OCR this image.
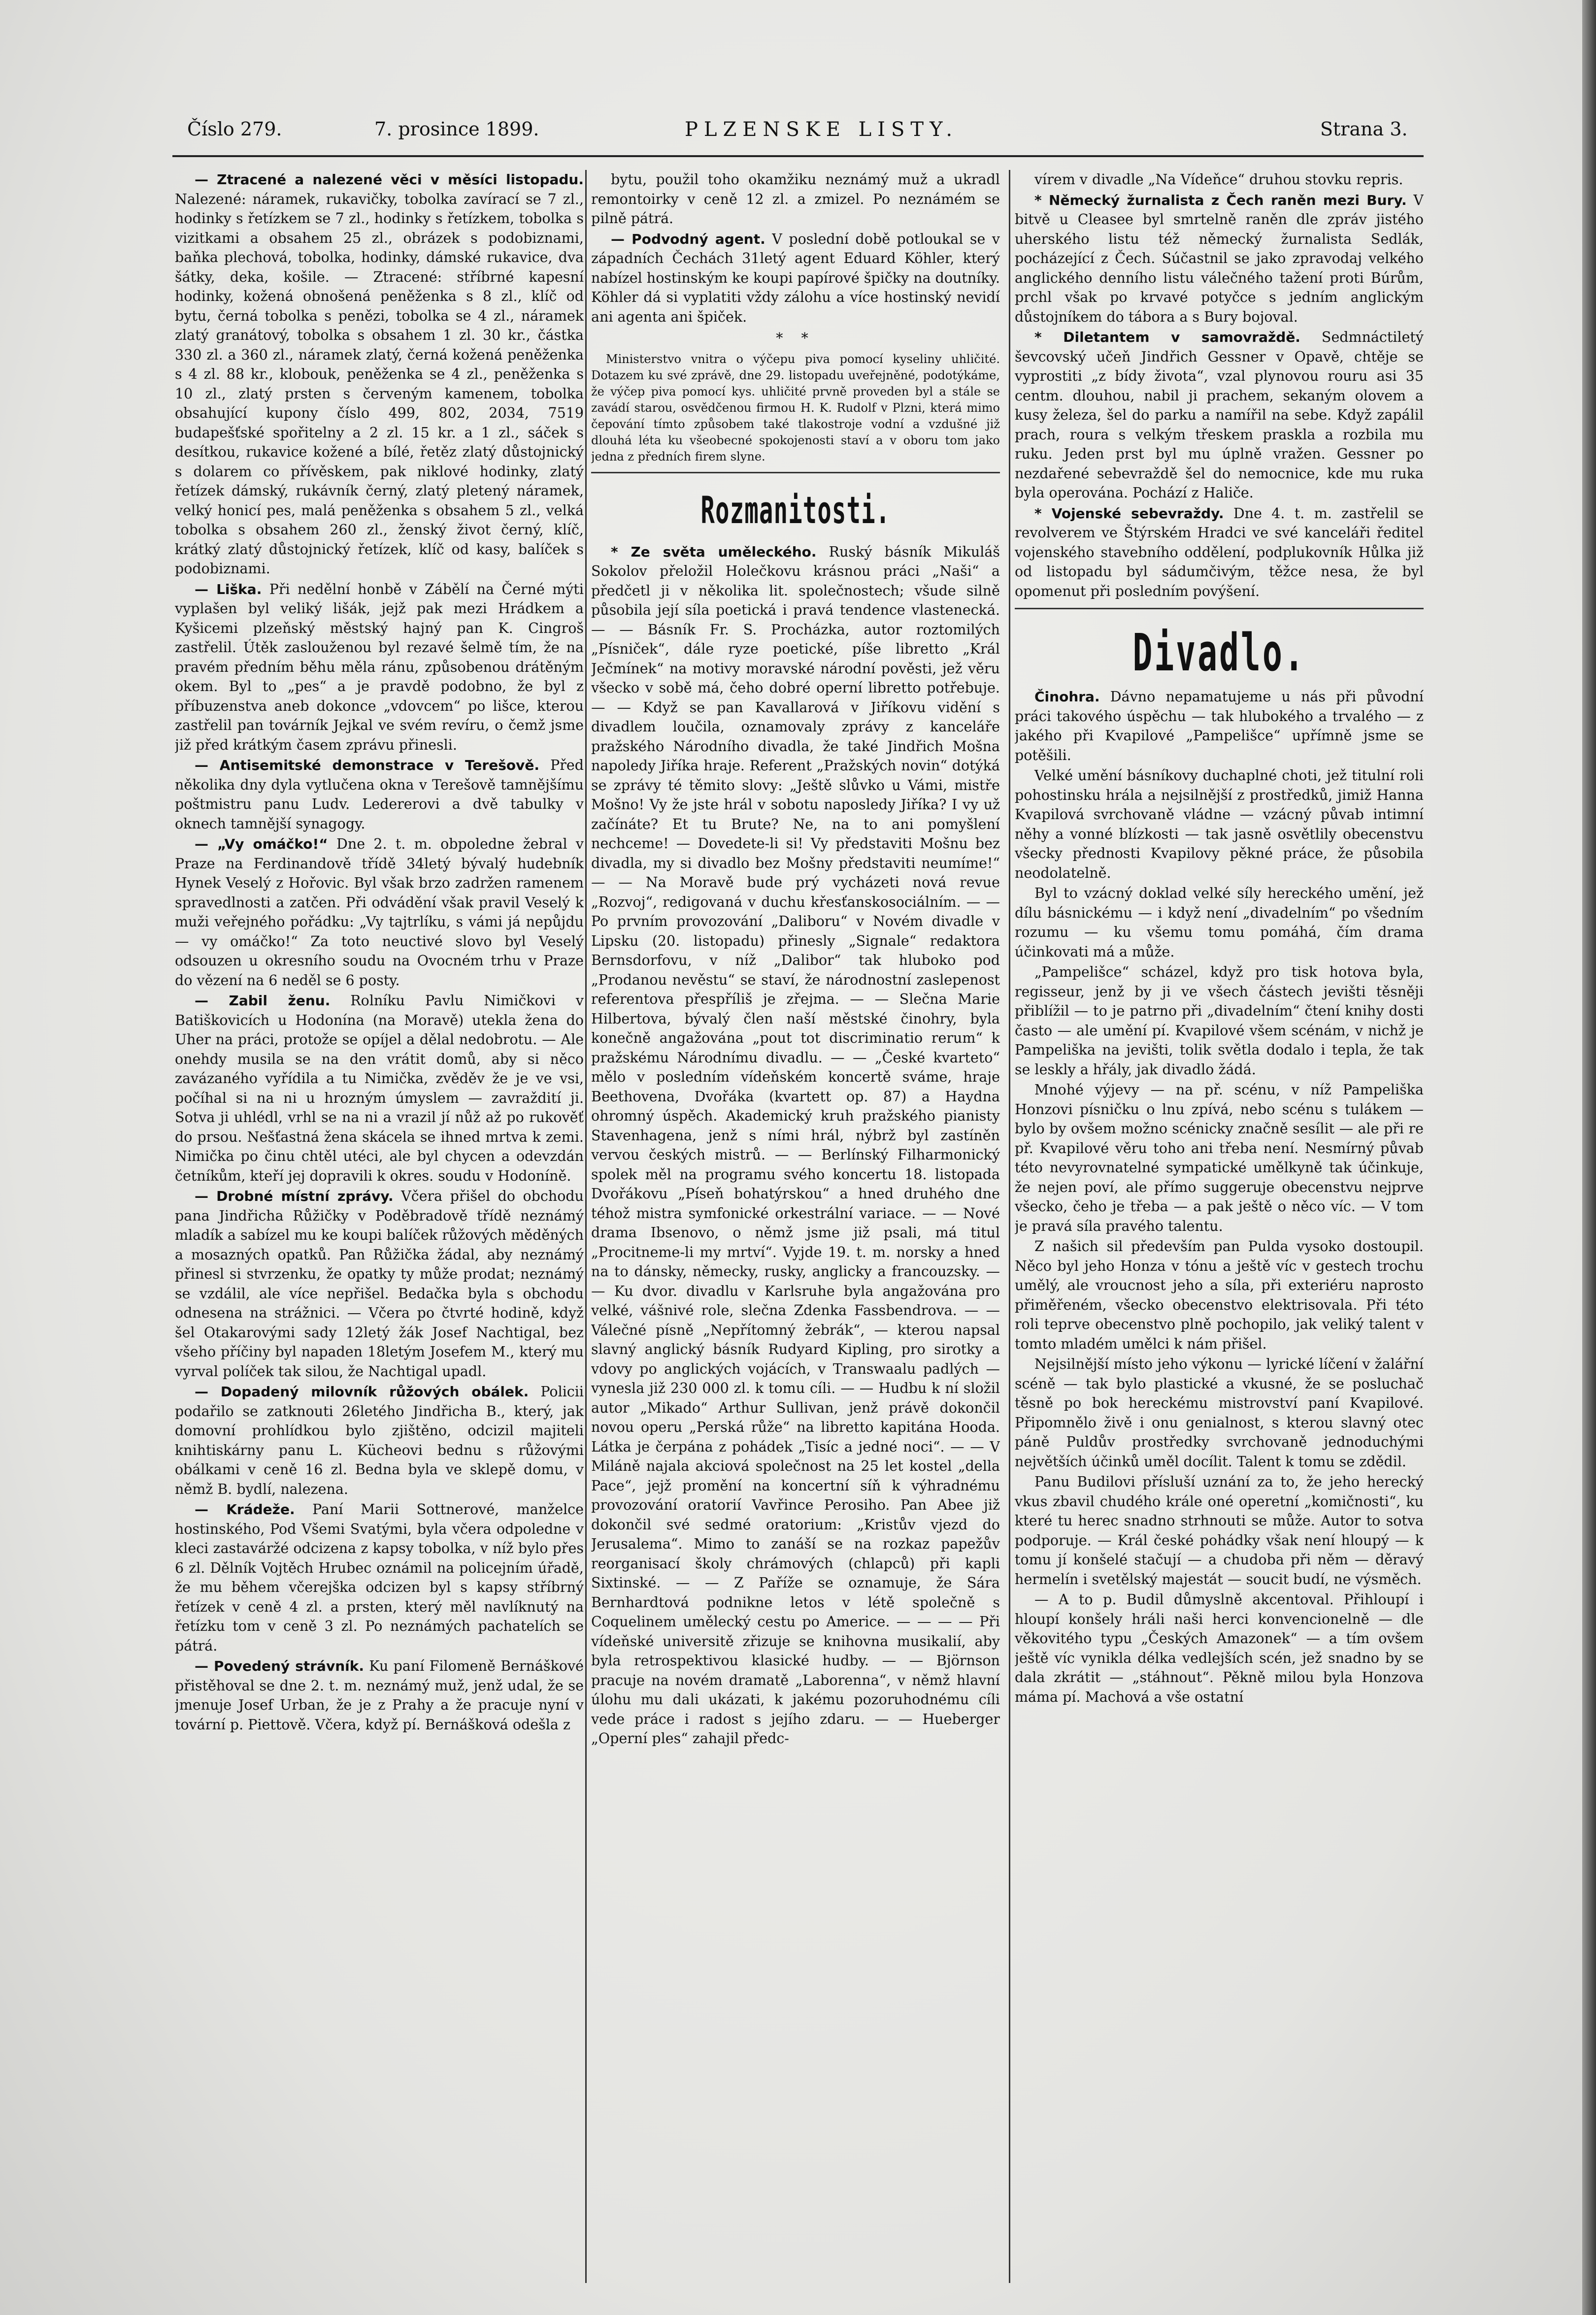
Číslo 279.	7. prosince 1899.	PLZENSKE LISTY.	Strana 3.

— Ztracené a nalezené věci v měsíci listopadu. Nalezené: náramek, rukavičky, tobolka zavírací se 7 zl., hodinky s řetízkem se 7 zl., hodinky s řetízkem, tobolka s vizitkami a obsahem 25 zl., obrázek s podobiznami, baňka plechová, tobolka, hodinky, dámské rukavice, dva šátky, deka, košile. — Ztracené: stříbrné kapesní hodinky, kožená obnošená peněženka s 8 zl., klíč od bytu, černá tobolka s penězi, tobolka se 4 zl., náramek zlatý granátový, tobolka s obsahem 1 zl. 30 kr., částka 330 zl. a 360 zl., náramek zlatý, černá kožená peněženka s 4 zl. 88 kr., klobouk, peněženka se 4 zl., peněženka s 10 zl., zlatý prsten s červeným kamenem, tobolka obsahující kupony číslo 499, 802, 2034, 7519 budapešťské spořitelny a 2 zl. 15 kr. a 1 zl., sáček s desítkou, rukavice kožené a bílé, řetěz zlatý důstojnický s dolarem co přívěskem, pak niklové hodinky, zlatý řetízek dámský, rukávník černý, zlatý pletený náramek, velký honicí pes, malá peněženka s obsahem 5 zl., velká tobolka s obsahem 260 zl., ženský život černý, klíč, krátký zlatý důstojnický řetízek, klíč od kasy, balíček s podobiznami.

— Liška. Při nedělní honbě v Zábělí na Černé mýti vyplašen byl veliký lišák, jejž pak mezi Hrádkem a Kyšicemi plzeňský městský hajný pan K. Cingroš zastřelil. Útěk zaslouženou byl rezavé šelmě tím, že na pravém předním běhu měla ránu, způsobenou drátěným okem. Byl to „pes“ a je pravdě podobno, že byl z příbuzenstva aneb dokonce „vdovcem“ po lišce, kterou zastřelil pan továrník Jejkal ve svém revíru, o čemž jsme již před krátkým časem zprávu přinesli.

— Antisemitské demonstrace v Terešově. Před několika dny dyla vytlučena okna v Terešově tamnějšímu poštmistru panu Ludv. Ledererovi a dvě tabulky v oknech tamnější synagogy.

— „Vy omáčko!“ Dne 2. t. m. obpoledne žebral v Praze na Ferdinandově třídě 34letý bývalý hudebník Hynek Veselý z Hořovic. Byl však brzo zadržen ramenem spravedlnosti a zatčen. Při odvádění však pravil Veselý k muži veřejného pořádku: „Vy tajtrlíku, s vámi já nepůjdu — vy omáčko!“ Za toto neuctivé slovo byl Veselý odsouzen u okresního soudu na Ovocném trhu v Praze do vězení na 6 neděl se 6 posty.

— Zabil ženu. Rolníku Pavlu Nimičkovi v Batiškovicích u Hodonína (na Moravě) utekla žena do Uher na práci, protože se opíjel a dělal nedobrotu. — Ale onehdy musila se na den vrátit domů, aby si něco zavázaného vyřídila a tu Nimička, zvěděv že je ve vsi, počíhal si na ni u hrozným úmyslem — zavraždití ji. Sotva ji uhlédl, vrhl se na ni a vrazil jí nůž až po rukověť do prsou. Nešťastná žena skácela se ihned mrtva k zemi. Nimička po činu chtěl utéci, ale byl chycen a odevzdán četníkům, kteří jej dopravili k okres. soudu v Hodoníně.

— Drobné místní zprávy. Včera přišel do obchodu pana Jindřicha Růžičky v Poděbradově třídě neznámý mladík a sabízel mu ke koupi balíček růžových měděných a mosazných opatků. Pan Růžička žádal, aby neznámý přinesl si stvrzenku, že opatky ty může prodat; neznámý se vzdálil, ale více nepřišel. Bedačka byla s obchodu odnesena na strážnici. — Včera po čtvrté hodině, když šel Otakarovými sady 12letý žák Josef Nachtigal, bez všeho příčiny byl napaden 18letým Josefem M., který mu vyrval políček tak silou, že Nachtigal upadl.

— Dopadený milovník růžových obálek. Policii podařilo se zatknouti 26letého Jindřicha B., který, jak domovní prohlídkou bylo zjištěno, odcizil majiteli knihtiskárny panu L. Kücheovi bednu s růžovými obálkami v ceně 16 zl. Bedna byla ve sklepě domu, v němž B. bydlí, nalezena.

— Krádeže. Paní Marii Sottnerové, manželce hostinského, Pod Všemi Svatými, byla včera odpoledne v kleci zastaváržé odcizena z kapsy tobolka, v níž bylo přes 6 zl. Dělník Vojtěch Hrubec oznámil na policejním úřadě, že mu během včerejška odcizen byl s kapsy stříbrný řetízek v ceně 4 zl. a prsten, který měl navlíknutý na řetízku tom v ceně 3 zl. Po neznámých pachatelích se pátrá.

— Povedený strávník. Ku paní Filomeně Bernáškové přistěhoval se dne 2. t. m. neznámý muž, jenž udal, že se jmenuje Josef Urban, že je z Prahy a že pracuje nyní v tovární p. Piettově. Včera, když pí. Bernášková odešla z

bytu, použil toho okamžiku neznámý muž a ukradl remontoirky v ceně 12 zl. a zmizel. Po neznámém se pilně pátrá.

— Podvodný agent. V poslední době potloukal se v západních Čechách 31letý agent Eduard Köhler, který nabízel hostinským ke koupi papírové špičky na doutníky. Köhler dá si vyplatiti vždy zálohu a více hostinský nevidí ani agenta ani špiček.

* *

Ministerstvo vnitra o výčepu piva pomocí kyseliny uhličité. Dotazem ku své zprávě, dne 29. listopadu uveřejněné, podotýkáme, že výčep piva pomocí kys. uhličité prvně proveden byl a stále se zavádí starou, osvědčenou firmou H. K. Rudolf v Plzni, která mimo čepování tímto způsobem také tlakostroje vodní a vzdušné již dlouhá léta ku všeobecné spokojenosti staví a v oboru tom jako jedna z předních firem slyne.

Rozmanitosti.

* Ze světa uměleckého. Ruský básník Mikuláš Sokolov přeložil Holečkovu krásnou práci „Naši“ a předčetl ji v několika lit. společnostech; všude silně působila její síla poetická i pravá tendence vlastenecká. — — Básník Fr. S. Procházka, autor roztomilých „Písniček“, dále ryze poetické, píše libretto „Král Ječmínek“ na motivy moravské národní pověsti, jež věru všecko v sobě má, čeho dobré operní libretto potřebuje. — — Když se pan Kavallarová v Jiříkovu vidění s divadlem loučila, oznamovaly zprávy z kanceláře pražského Národního divadla, že také Jindřich Mošna napoledy Jiříka hraje. Referent „Pražských novin“ dotýká se zprávy té těmito slovy: „Ještě slůvko u Vámi, mistře Mošno! Vy že jste hrál v sobotu naposledy Jiříka? I vy už začínáte? Et tu Brute? Ne, na to ani pomyšlení nechceme! — Dovedete-li si! Vy představiti Mošnu bez divadla, my si divadlo bez Mošny představiti neumíme!“ — — Na Moravě bude prý vycházeti nová revue „Rozvoj“, redigovaná v duchu křesťanskosociálním. — — Po prvním provozování „Daliboru“ v Novém divadle v Lipsku (20. listopadu) přinesly „Signale“ redaktora Bernsdorfovu, v níž „Dalibor“ tak hluboko pod „Prodanou nevěstu“ se staví, že národnostní zaslepenost referentova přespříliš je zřejma. — — Slečna Marie Hilbertova, bývalý člen naší městské činohry, byla konečně angažována „pout tot discriminatio rerum“ k pražskému Národnímu divadlu. — — „České kvarteto“ mělo v posledním vídeňském koncertě sváme, hraje Beethovena, Dvořáka (kvartett op. 87) a Haydna ohromný úspěch. Akademický kruh pražského pianisty Stavenhagena, jenž s ními hrál, nýbrž byl zastíněn vervou českých mistrů. — — Berlínský Filharmonický spolek měl na programu svého koncertu 18. listopada Dvořákovu „Píseň bohatýrskou“ a hned druhého dne téhož mistra symfonické orkestrální variace. — — Nové drama Ibsenovo, o němž jsme již psali, má titul „Procitneme-li my mrtví“. Vyjde 19. t. m. norsky a hned na to dánsky, německy, rusky, anglicky a francouzsky. — — Ku dvor. divadlu v Karlsruhe byla angažována pro velké, vášnivé role, slečna Zdenka Fassbendrova. — — Válečné písně „Nepřítomný žebrák“, — kterou napsal slavný anglický básník Rudyard Kipling, pro sirotky a vdovy po anglických vojácích, v Transwaalu padlých — vynesla již 230 000 zl. k tomu cíli. — — Hudbu k ní složil autor „Mikado“ Arthur Sullivan, jenž právě dokončil novou operu „Perská růže“ na libretto kapitána Hooda. Látka je čerpána z pohádek „Tisíc a jedné noci“. — — V Miláně najala akciová společnost na 25 let kostel „della Pace“, jejž promění na koncertní síň k výhradnému provozování oratorií Vavřince Perosiho. Pan Abee již dokončil své sedmé oratorium: „Kristův vjezd do Jerusalema“. Mimo to zanáší se na rozkaz papežův reorganisací školy chrámových (chlapců) při kapli Sixtinské. — — Z Paříže se oznamuje, že Sára Bernhardtová podnikne letos v létě společně s Coquelinem umělecký cestu po Americe. — — — — Při vídeňské universitě zřizuje se knihovna musikalií, aby byla retrospektivou klasické hudby. — — Björnson pracuje na novém dramatě „Laborenna“, v němž hlavní úlohu mu dali ukázati, k jakému pozoruhodnému cíli vede práce i radost s jejího zdaru. — — Hueberger „Operní ples“ zahajil předc-

vírem v divadle „Na Vídeňce“ druhou stovku repris.

* Německý žurnalista z Čech raněn mezi Bury. V bitvě u Cleasee byl smrtelně raněn dle zpráv jistého uherského listu též německý žurnalista Sedlák, pocházející z Čech. Súčastnil se jako zpravodaj velkého anglického denního listu válečného tažení proti Búrům, prchl však po krvavé potyčce s jedním anglickým důstojníkem do tábora a s Bury bojoval.

* Diletantem v samovraždě. Sedmnáctiletý ševcovský učeň Jindřich Gessner v Opavě, chtěje se vyprostiti „z bídy života“, vzal plynovou rouru asi 35 centm. dlouhou, nabil ji prachem, sekaným olovem a kusy železa, šel do parku a namířil na sebe. Když zapálil prach, roura s velkým třeskem praskla a rozbila mu ruku. Jeden prst byl mu úplně vražen. Gessner po nezdařené sebevraždě šel do nemocnice, kde mu ruka byla operována. Pochází z Haliče.

* Vojenské sebevraždy. Dne 4. t. m. zastřelil se revolverem ve Štýrském Hradci ve své kanceláři ředitel vojenského stavebního oddělení, podplukovník Hůlka již od listopadu byl sádumčivým, těžce nesa, že byl opomenut při posledním povýšení.

Divadlo.

Činohra. Dávno nepamatujeme u nás při původní práci takového úspěchu — tak hlubokého a trvalého — z jakého při Kvapilové „Pampelišce“ upřímně jsme se potěšili.

Velké umění básníkovy duchaplné choti, jež titulní roli pohostinsku hrála a nejsilnější z prostředků, jimiž Hanna Kvapilová svrchovaně vládne — vzácný půvab intimní něhy a vonné blízkosti — tak jasně osvětlily obecenstvu všecky přednosti Kvapilovy pěkné práce, že působila neodolatelně.

Byl to vzácný doklad velké síly hereckého umění, jež dílu básnickému — i když není „divadelním“ po všedním rozumu — ku všemu tomu pomáhá, čím drama účinkovati má a může.

„Pampelišce“ scházel, když pro tisk hotova byla, regisseur, jenž by ji ve všech částech jevišti těsněji přiblížil — to je patrno při „divadelním“ čtení knihy dosti často — ale umění pí. Kvapilové všem scénám, v nichž je Pampeliška na jevišti, tolik světla dodalo i tepla, že tak se leskly a hřály, jak divadlo žádá.

Mnohé výjevy — na př. scénu, v níž Pampeliška Honzovi písničku o lnu zpívá, nebo scénu s tulákem — bylo by ovšem možno scénicky značně sesílit — ale při re př. Kvapilové věru toho ani třeba není. Nesmírný půvab této nevyrovnatelné sympatické umělkyně tak účinkuje, že nejen poví, ale přímo suggeruje obecenstvu nejprve všecko, čeho je třeba — a pak ještě o něco víc. — V tom je pravá síla pravého talentu.

Z našich sil především pan Pulda vysoko dostoupil. Něco byl jeho Honza v tónu a ještě víc v gestech trochu umělý, ale vroucnost jeho a síla, při exteriéru naprosto přiměřeném, všecko obecenstvo elektrisovala. Při této roli teprve obecenstvo plně pochopilo, jak veliký talent v tomto mladém umělci k nám přišel.

Nejsilnější místo jeho výkonu — lyrické líčení v žalářní scéně — tak bylo plastické a vkusné, že se posluchač těsně po bok hereckému mistrovství paní Kvapilové. Připomnělo živě i onu genialnost, s kterou slavný otec páně Puldův prostředky svrchovaně jednoduchými největších účinků uměl docílit. Talent k tomu se zdědil.

Panu Budilovi přísluší uznání za to, že jeho herecký vkus zbavil chudého krále oné operetní „komičnosti“, ku které tu herec snadno strhnouti se může. Autor to sotva podporuje. — Král české pohádky však není hloupý — k tomu jí konšelé stačují — a chudoba při něm — děravý hermelín i svetělský majestát — soucit budí, ne výsměch.

— A to p. Budil důmyslně akcentoval. Přihloupí i hloupí konšely hráli naši herci konvencionelně — dle věkovitého typu „Českých Amazonek“ — a tím ovšem ještě víc vynikla délka vedlejších scén, jež snadno by se dala zkrátit — „stáhnout“. Pěkně milou byla Honzova máma pí. Machová a vše ostatní
